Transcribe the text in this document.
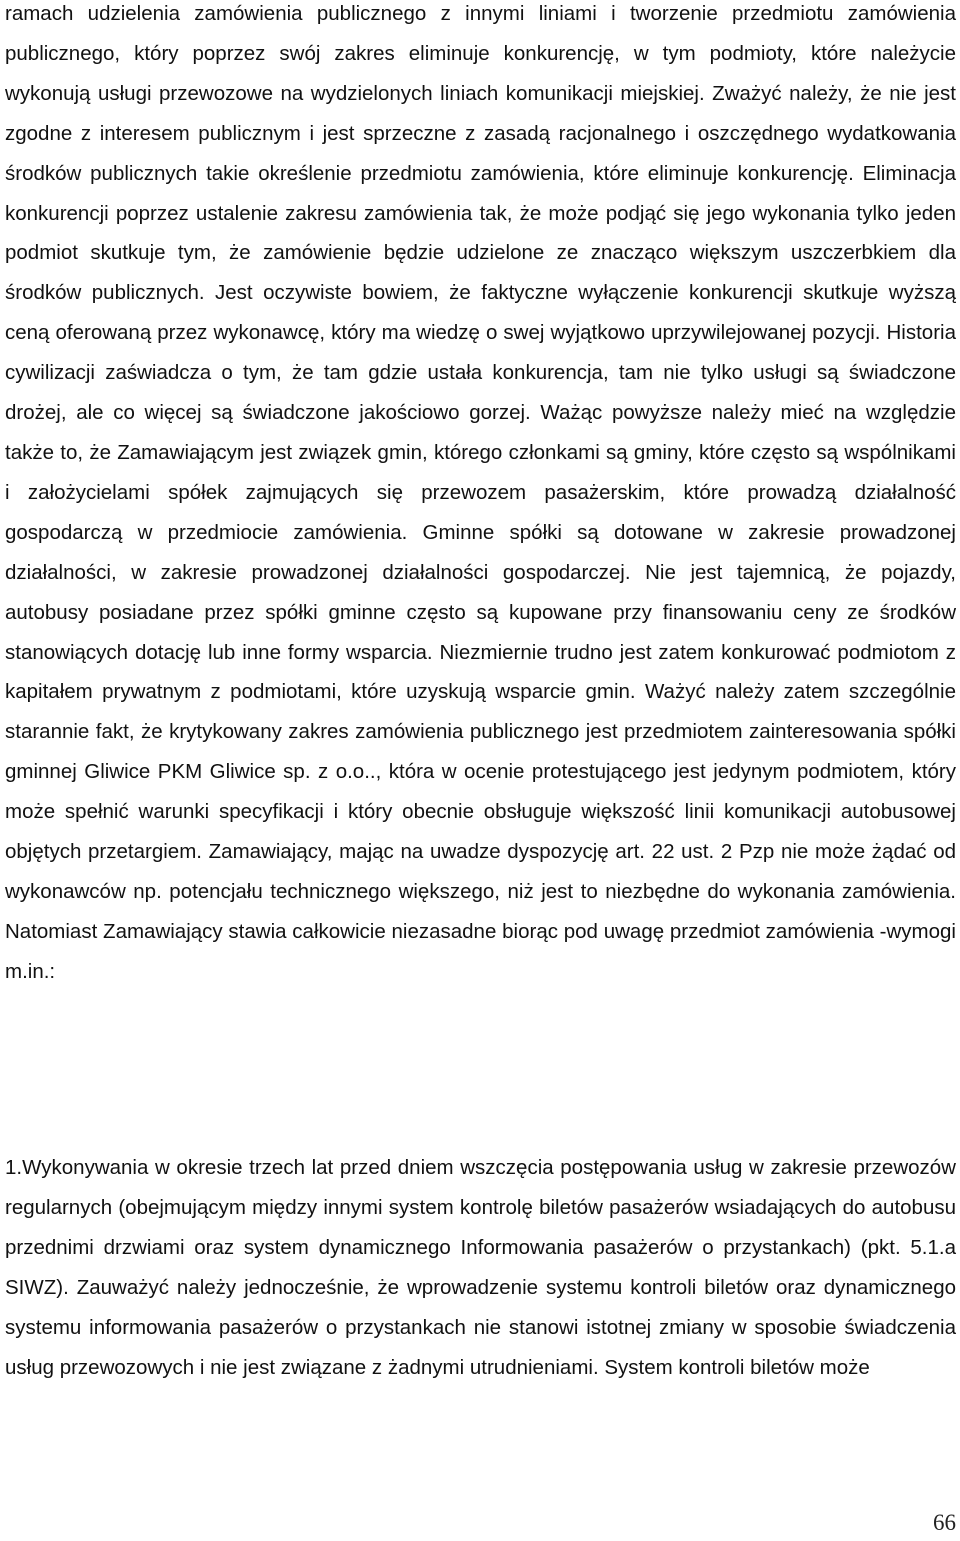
ramach udzielenia zamówienia publicznego z innymi liniami i tworzenie przedmiotu zamówienia publicznego, który poprzez swój zakres eliminuje konkurencję, w tym podmioty, które należycie wykonują usługi przewozowe na wydzielonych liniach komunikacji miejskiej. Zważyć należy, że nie jest zgodne z interesem publicznym i jest sprzeczne z zasadą racjonalnego i oszczędnego wydatkowania środków publicznych takie określenie przedmiotu zamówienia, które eliminuje konkurencję. Eliminacja konkurencji poprzez ustalenie zakresu zamówienia tak, że może podjąć się jego wykonania tylko jeden podmiot skutkuje tym, że zamówienie będzie udzielone ze znacząco większym uszczerbkiem dla środków publicznych. Jest oczywiste bowiem, że faktyczne wyłączenie konkurencji skutkuje wyższą ceną oferowaną przez wykonawcę, który ma wiedzę o swej wyjątkowo uprzywilejowanej pozycji. Historia cywilizacji zaświadcza o tym, że tam gdzie ustała konkurencja, tam nie tylko usługi są świadczone drożej, ale co więcej są świadczone jakościowo gorzej. Ważąc powyższe należy mieć na względzie także to, że Zamawiającym jest związek gmin, którego członkami są gminy, które często są wspólnikami i założycielami spółek zajmujących się przewozem pasażerskim, które prowadzą działalność gospodarczą w przedmiocie zamówienia. Gminne spółki są dotowane w zakresie prowadzonej działalności, w zakresie prowadzonej działalności gospodarczej. Nie jest tajemnicą, że pojazdy, autobusy posiadane przez spółki gminne często są kupowane przy finansowaniu ceny ze środków stanowiących dotację lub inne formy wsparcia. Niezmiernie trudno jest zatem konkurować podmiotom z kapitałem prywatnym z podmiotami, które uzyskują wsparcie gmin. Ważyć należy zatem szczególnie starannie fakt, że krytykowany zakres zamówienia publicznego jest przedmiotem zainteresowania spółki gminnej Gliwice PKM Gliwice sp. z o.o.., która w ocenie protestującego jest jedynym podmiotem, który może spełnić warunki specyfikacji i który obecnie obsługuje większość linii komunikacji autobusowej objętych przetargiem. Zamawiający, mając na uwadze dyspozycję art. 22 ust. 2 Pzp nie może żądać od wykonawców np. potencjału technicznego większego, niż jest to niezbędne do wykonania zamówienia. Natomiast Zamawiający stawia całkowicie niezasadne biorąc pod uwagę przedmiot zamówienia -wymogi m.in.:

1.Wykonywania w okresie trzech lat przed dniem wszczęcia postępowania usług w zakresie przewozów regularnych (obejmującym między innymi system kontrolę biletów pasażerów wsiadających do autobusu przednimi drzwiami oraz system dynamicznego Informowania pasażerów o przystankach) (pkt. 5.1.a SIWZ). Zauważyć należy jednocześnie, że wprowadzenie systemu kontroli biletów oraz dynamicznego systemu informowania pasażerów o przystankach nie stanowi istotnej zmiany w sposobie świadczenia usług przewozowych i nie jest związane z żadnymi utrudnieniami. System kontroli biletów może

66
